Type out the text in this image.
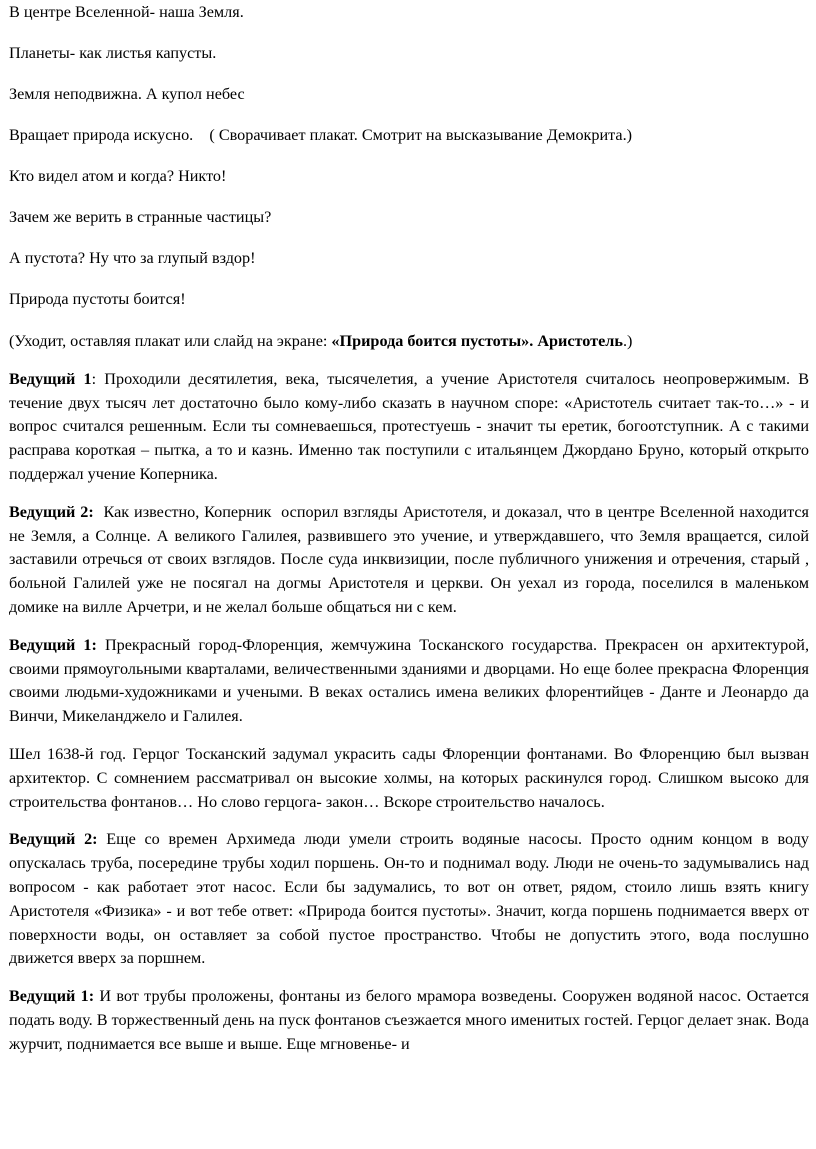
В центре Вселенной- наша Земля.

Планеты- как листья капусты.

Земля неподвижна. А купол небес

Вращает природа искусно.    ( Сворачивает плакат. Смотрит на высказывание Демокрита.)

Кто видел атом и когда? Никто!

Зачем же верить в странные частицы?

А пустота? Ну что за глупый вздор!

Природа пустоты боится!

(Уходит, оставляя плакат или слайд на экране: «Природа боится пустоты». Аристотель.)

Ведущий 1: Проходили десятилетия, века, тысячелетия, а учение Аристотеля считалось неопровержимым. В течение двух тысяч лет достаточно было кому-либо сказать в научном споре: «Аристотель считает так-то…» - и вопрос считался решенным. Если ты сомневаешься, протестуешь - значит ты еретик, богоотступник. А с такими расправа короткая – пытка, а то и казнь. Именно так поступили с итальянцем Джордано Бруно, который открыто поддержал учение Коперника.

Ведущий 2:  Как известно, Коперник  оспорил взгляды Аристотеля, и доказал, что в центре Вселенной находится не Земля, а Солнце. А великого Галилея, развившего это учение, и утверждавшего, что Земля вращается, силой заставили отречься от своих взглядов. После суда инквизиции, после публичного унижения и отречения, старый , больной Галилей уже не посягал на догмы Аристотеля и церкви. Он уехал из города, поселился в маленьком домике на вилле Арчетри, и не желал больше общаться ни с кем.

Ведущий 1: Прекрасный город-Флоренция, жемчужина Тосканского государства. Прекрасен он архитектурой, своими прямоугольными кварталами, величественными зданиями и дворцами. Но еще более прекрасна Флоренция своими людьми-художниками и учеными. В веках остались имена великих флорентийцев - Данте и Леонардо да Винчи, Микеланджело и Галилея.

Шел 1638-й год. Герцог Тосканский задумал украсить сады Флоренции фонтанами. Во Флоренцию был вызван архитектор. С сомнением рассматривал он высокие холмы, на которых раскинулся город. Слишком высоко для строительства фонтанов… Но слово герцога- закон… Вскоре строительство началось.

Ведущий 2: Еще со времен Архимеда люди умели строить водяные насосы. Просто одним концом в воду опускалась труба, посередине трубы ходил поршень. Он-то и поднимал воду. Люди не очень-то задумывались над вопросом - как работает этот насос. Если бы задумались, то вот он ответ, рядом, стоило лишь взять книгу Аристотеля «Физика» - и вот тебе ответ: «Природа боится пустоты». Значит, когда поршень поднимается вверх от поверхности воды, он оставляет за собой пустое пространство. Чтобы не допустить этого, вода послушно движется вверх за поршнем.

Ведущий 1: И вот трубы проложены, фонтаны из белого мрамора возведены. Сооружен водяной насос. Остается подать воду. В торжественный день на пуск фонтанов съезжается много именитых гостей. Герцог делает знак. Вода журчит, поднимается все выше и выше. Еще мгновенье- и
